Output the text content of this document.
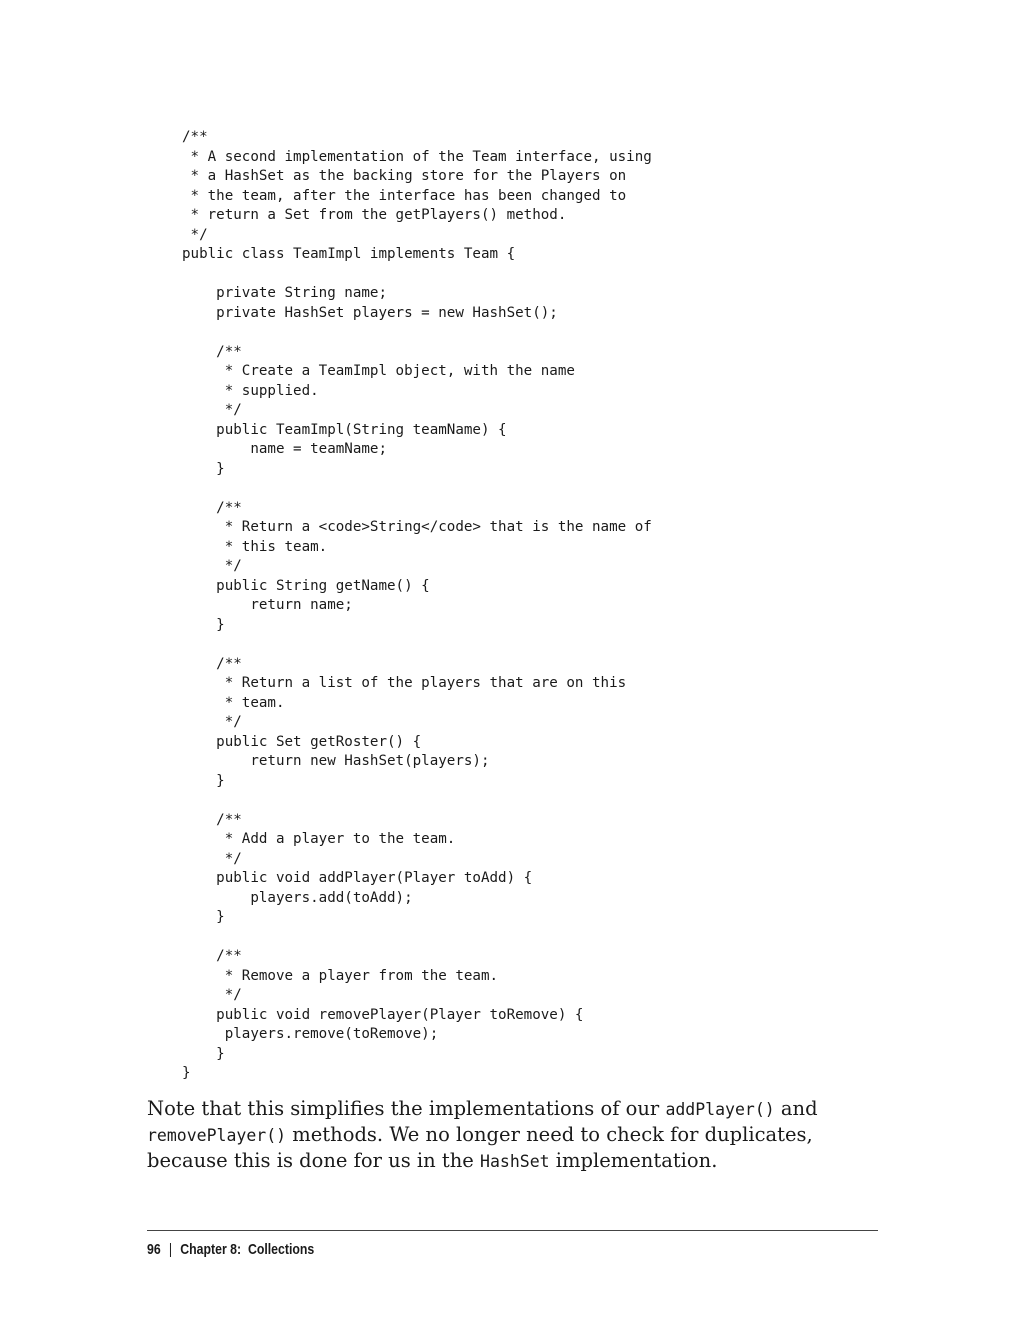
/**
* A second implementation of the Team interface, using
* a HashSet as the backing store for the Players on
* the team, after the interface has been changed to
* return a Set from the getPlayers() method.
*/
public class TeamImpl implements Team {
private String name;
private HashSet players = new HashSet();
/**
* Create a TeamImpl object, with the name
* supplied.
*/
public TeamImpl(String teamName) {
name = teamName;
}
/**
* Return a <code>String</code> that is the name of
* this team.
*/
public String getName() {
return name;
}
/**
* Return a list of the players that are on this
* team.
*/
public Set getRoster() {
return new HashSet(players);
}
/**
* Add a player to the team.
*/
public void addPlayer(Player toAdd) {
players.add(toAdd);
}
/**
* Remove a player from the team.
*/
public void removePlayer(Player toRemove) {
players.remove(toRemove);
}
}

Note that this simplifies the implementations of our addPlayer() and removePlayer() methods. We no longer need to check for duplicates, because this is done for us in the HashSet implementation.

96 | Chapter 8:  Collections
